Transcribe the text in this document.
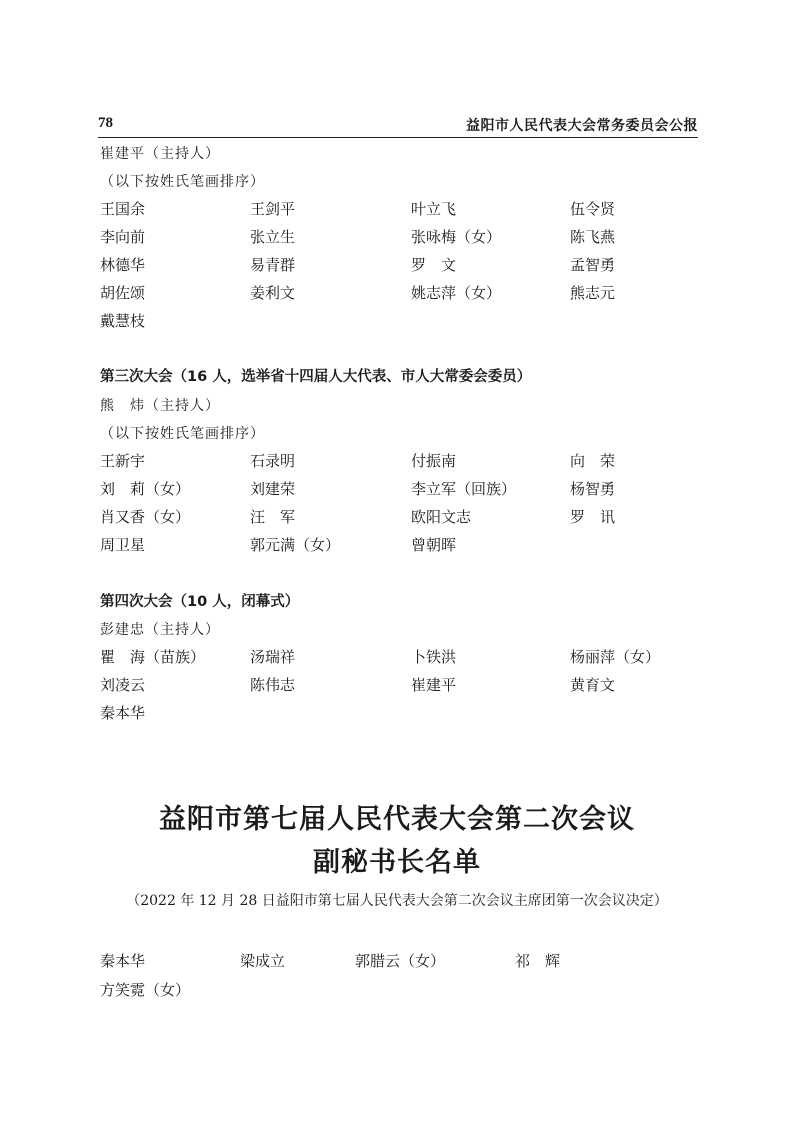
78	益阳市人民代表大会常务委员会公报
崔建平（主持人）
（以下按姓氏笔画排序）
王国余	王剑平	叶立飞	伍令贤
李向前	张立生	张咏梅（女）	陈飞燕
林德华	易青群	罗　文	孟智勇
胡佐颂	姜利文	姚志萍（女）	熊志元
戴慧枝
第三次大会（16 人，选举省十四届人大代表、市人大常委会委员）
熊　炜（主持人）
（以下按姓氏笔画排序）
王新宇	石录明	付振南	向　荣
刘　莉（女）	刘建荣	李立军（回族）	杨智勇
肖又香（女）	汪　军	欧阳文志	罗　讯
周卫星	郭元满（女）	曾朝晖
第四次大会（10 人，闭幕式）
彭建忠（主持人）
瞿　海（苗族）	汤瑞祥	卜铁洪	杨丽萍（女）
刘凌云	陈伟志	崔建平	黄育文
秦本华
益阳市第七届人民代表大会第二次会议
副秘书长名单
（2022 年 12 月 28 日益阳市第七届人民代表大会第二次会议主席团第一次会议决定）
秦本华	梁成立	郭腊云（女）	祁　辉
方笑霓（女）
